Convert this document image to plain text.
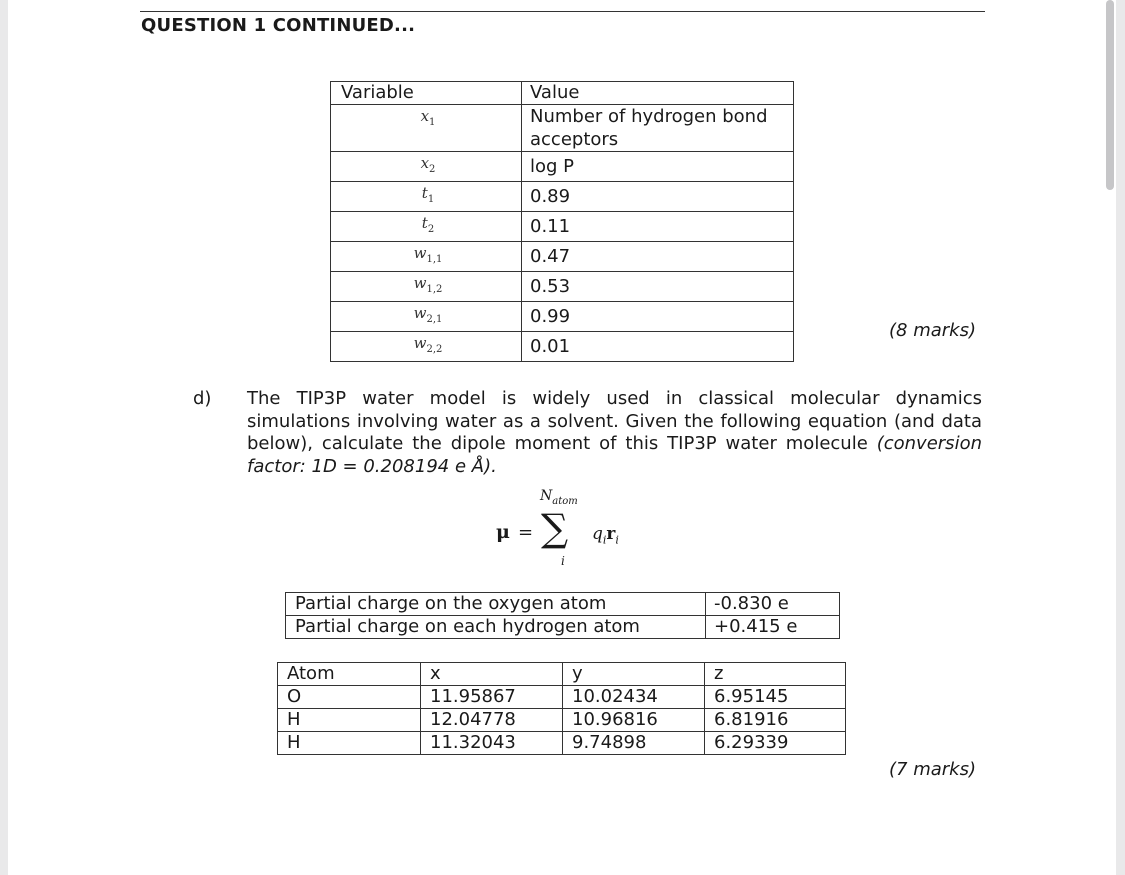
QUESTION 1 CONTINUED...
Variable	Value
$x_1$	Number of hydrogen bond acceptors
$x_2$	log P
$t_1$	0.89
$t_2$	0.11
$w_{1,1}$	0.47
$w_{1,2}$	0.53
$w_{2,1}$	0.99
$w_{2,2}$	0.01
(8 marks)
d) The TIP3P water model is widely used in classical molecular dynamics simulations involving water as a solvent. Given the following equation (and data below), calculate the dipole moment of this TIP3P water molecule (conversion factor: 1D = 0.208194 e Å).
$N_{atom}$
μ = ∑
i
$q_ir_i$
Partial charge on the oxygen atom	-0.830 e
Partial charge on each hydrogen atom	+0.415 e
Atom	x	y	z
O	11.95867	10.02434	6.95145
H	12.04778	10.96816	6.81916
H	11.32043	9.74898	6.29339
(7 marks)
